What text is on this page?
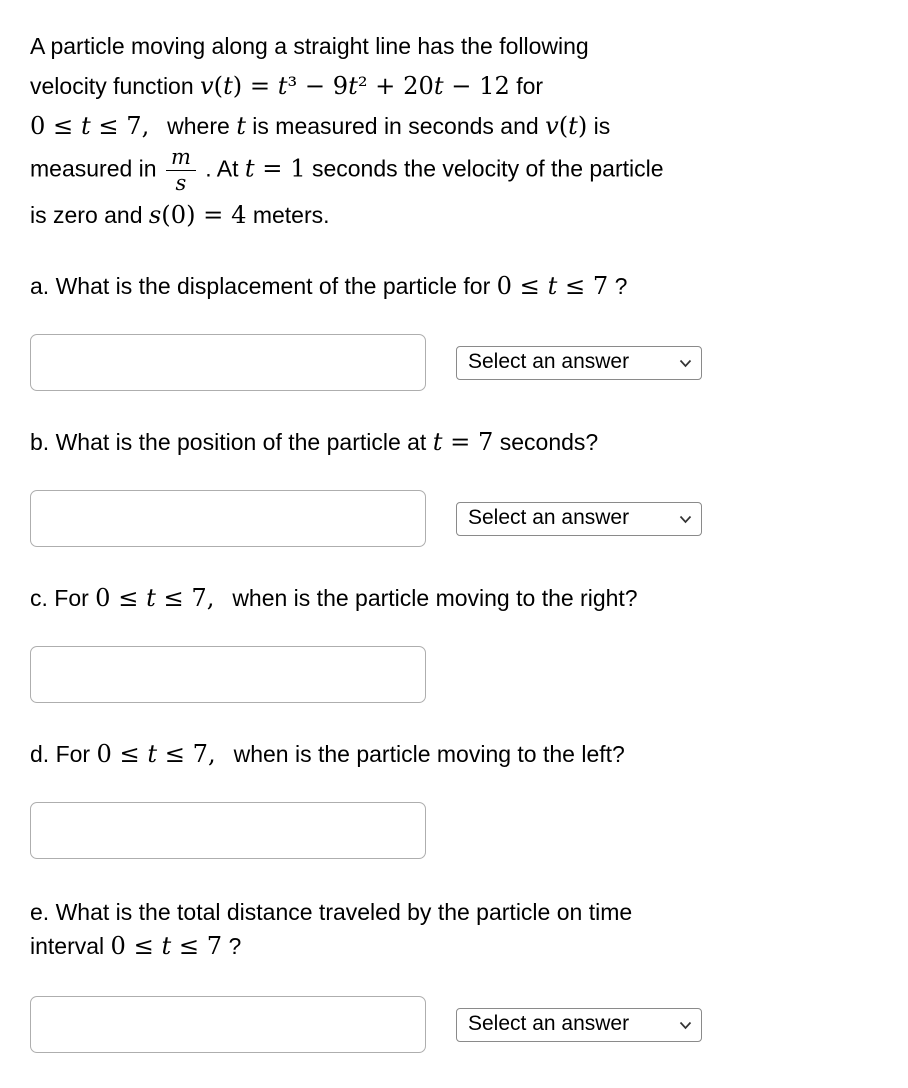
A particle moving along a straight line has the following
velocity function v(t) = t³ − 9t² + 20t − 12 for
0 ≤ t ≤ 7,  where t is measured in seconds and v(t) is
measured in $\frac{m}{s}$ . At t = 1 seconds the velocity of the particle
is zero and s(0) = 4 meters.
a. What is the displacement of the particle for 0 ≤ t ≤ 7 ?
Select an answer
b. What is the position of the particle at t = 7 seconds?
Select an answer
c. For 0 ≤ t ≤ 7,  when is the particle moving to the right?
d. For 0 ≤ t ≤ 7,  when is the particle moving to the left?
e. What is the total distance traveled by the particle on time
interval 0 ≤ t ≤ 7 ?
Select an answer
